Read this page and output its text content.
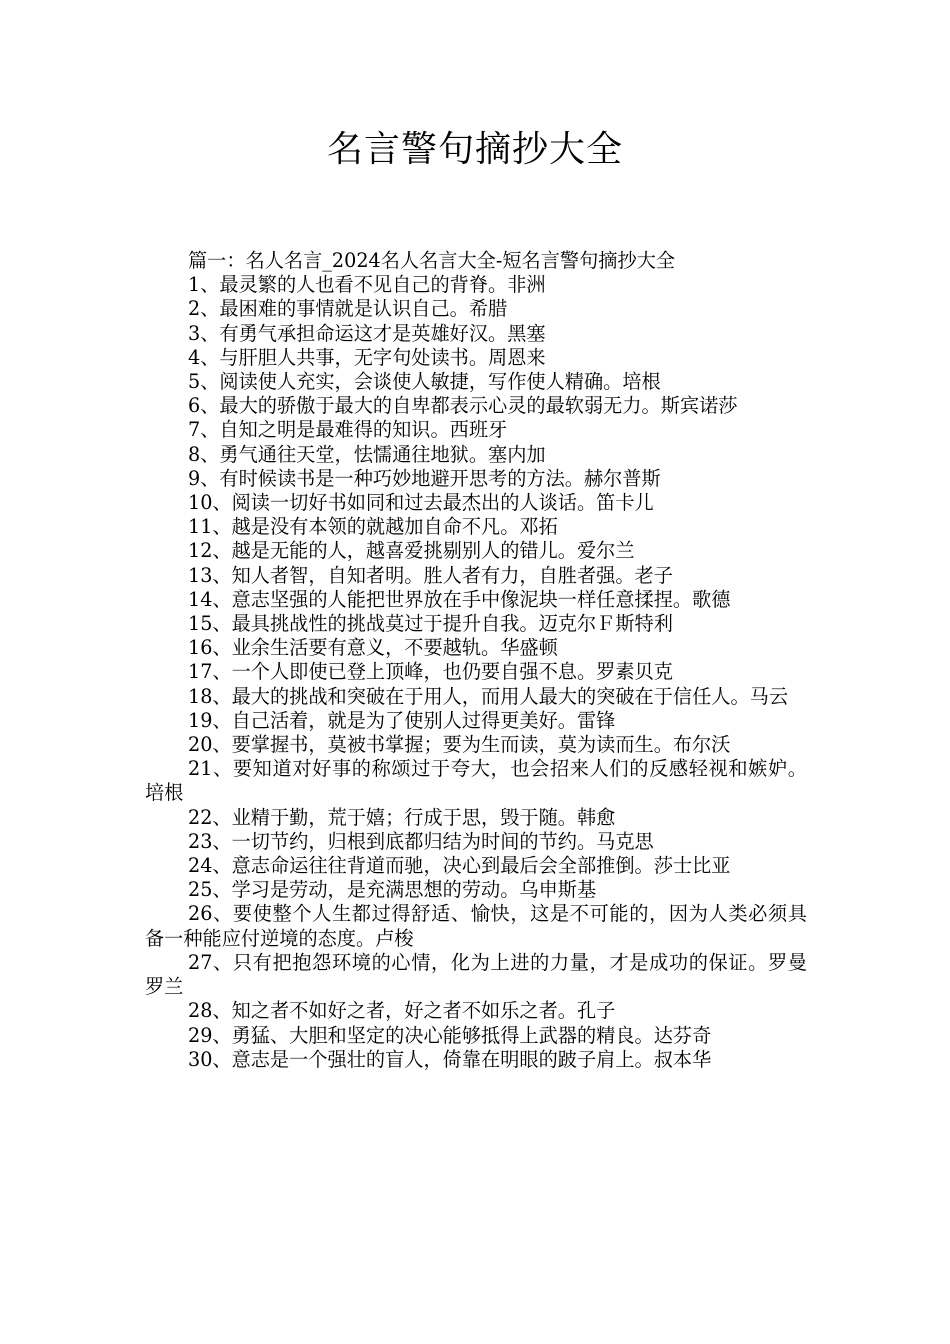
名言警句摘抄大全

篇一：名人名言_2024名人名言大全-短名言警句摘抄大全

1、最灵繁的人也看不见自己的背脊。非洲

2、最困难的事情就是认识自己。希腊

3、有勇气承担命运这才是英雄好汉。黑塞

4、与肝胆人共事，无字句处读书。周恩来

5、阅读使人充实，会谈使人敏捷，写作使人精确。培根

6、最大的骄傲于最大的自卑都表示心灵的最软弱无力。斯宾诺莎

7、自知之明是最难得的知识。西班牙

8、勇气通往天堂，怯懦通往地狱。塞内加

9、有时候读书是一种巧妙地避开思考的方法。赫尔普斯

10、阅读一切好书如同和过去最杰出的人谈话。笛卡儿

11、越是没有本领的就越加自命不凡。邓拓

12、越是无能的人，越喜爱挑剔别人的错儿。爱尔兰

13、知人者智，自知者明。胜人者有力，自胜者强。老子

14、意志坚强的人能把世界放在手中像泥块一样任意揉捏。歌德

15、最具挑战性的挑战莫过于提升自我。迈克尔Ｆ斯特利

16、业余生活要有意义，不要越轨。华盛顿

17、一个人即使已登上顶峰，也仍要自强不息。罗素贝克

18、最大的挑战和突破在于用人，而用人最大的突破在于信任人。马云

19、自己活着，就是为了使别人过得更美好。雷锋

20、要掌握书，莫被书掌握；要为生而读，莫为读而生。布尔沃

21、要知道对好事的称颂过于夸大，也会招来人们的反感轻视和嫉妒。培根

22、业精于勤，荒于嬉；行成于思，毁于随。韩愈

23、一切节约，归根到底都归结为时间的节约。马克思

24、意志命运往往背道而驰，决心到最后会全部推倒。莎士比亚

25、学习是劳动，是充满思想的劳动。乌申斯基

26、要使整个人生都过得舒适、愉快，这是不可能的，因为人类必须具备一种能应付逆境的态度。卢梭

27、只有把抱怨环境的心情，化为上进的力量，才是成功的保证。罗曼罗兰

28、知之者不如好之者，好之者不如乐之者。孔子

29、勇猛、大胆和坚定的决心能够抵得上武器的精良。达芬奇

30、意志是一个强壮的盲人，倚靠在明眼的跛子肩上。叔本华
